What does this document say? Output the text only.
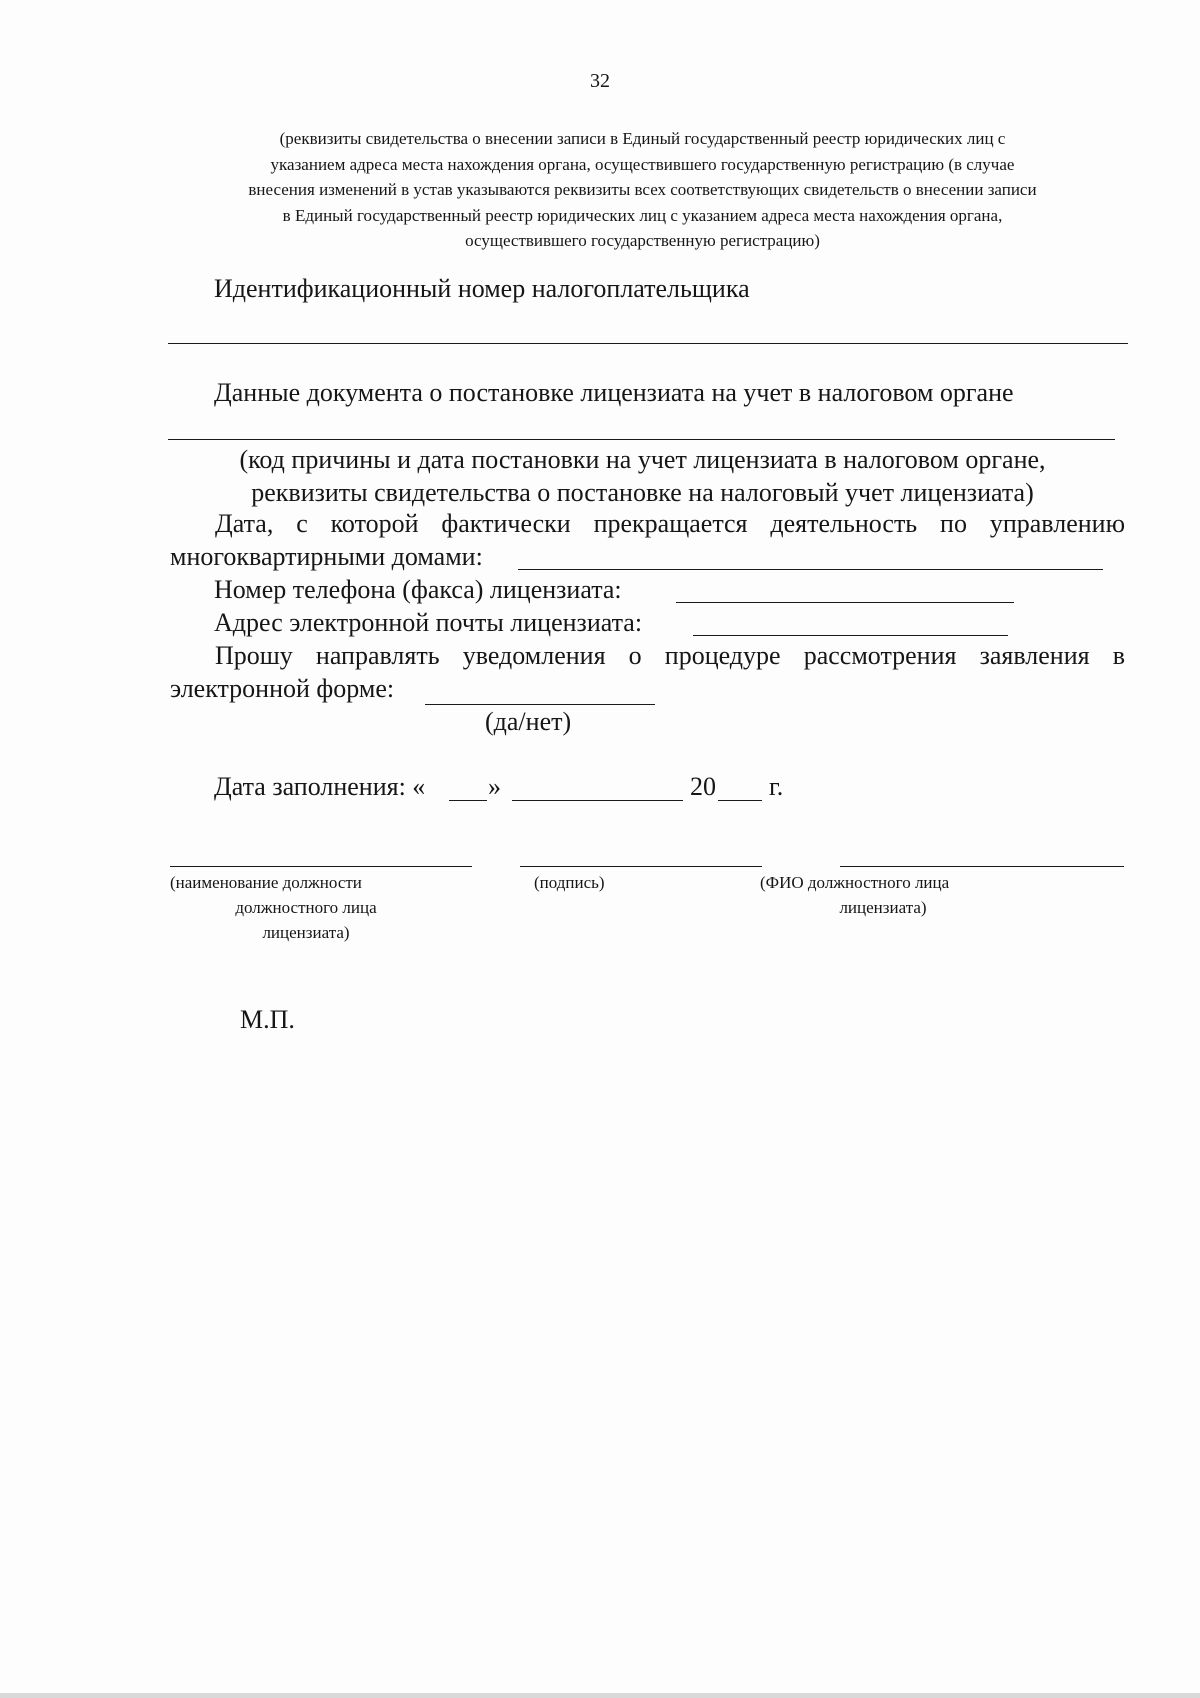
32
(реквизиты свидетельства о внесении записи в Единый государственный реестр юридических лиц с
указанием адреса места нахождения органа, осуществившего государственную регистрацию (в случае
внесения изменений в устав указываются реквизиты всех соответствующих свидетельств о внесении записи
в Единый государственный реестр юридических лиц с указанием адреса места нахождения органа,
осуществившего государственную регистрацию)
Идентификационный номер налогоплательщика
Данные документа о постановке лицензиата на учет в налоговом органе
(код причины и дата постановки на учет лицензиата в налоговом органе,
реквизиты свидетельства о постановке на налоговый учет лицензиата)
Дата, с которой фактически прекращается деятельность по управлению
многоквартирными домами:
Номер телефона (факса) лицензиата:
Адрес электронной почты лицензиата:
Прошу направлять уведомления о процедуре рассмотрения заявления в
электронной форме:
(да/нет)
Дата заполнения: « »	20 г.
(наименование должности
должностного лица
лицензиата)
(подпись)	(ФИО должностного лица
лицензиата)
М.П.
